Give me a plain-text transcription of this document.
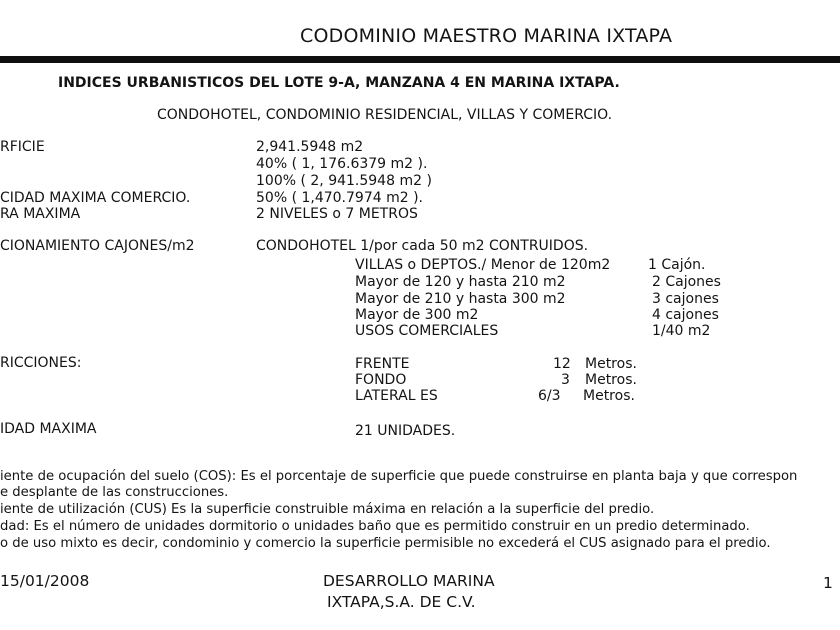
CODOMINIO MAESTRO MARINA IXTAPA
INDICES URBANISTICOS DEL LOTE 9-A, MANZANA 4 EN MARINA IXTAPA.
CONDOHOTEL, CONDOMINIO RESIDENCIAL, VILLAS Y COMERCIO.
RFICIE	2,941.5948 m2
40% ( 1, 176.6379 m2 ).
100% ( 2, 941.5948 m2 )
CIDAD MAXIMA COMERCIO.	50% ( 1,470.7974 m2 ).
RA MAXIMA	2 NIVELES o 7 METROS
CIONAMIENTO CAJONES/m2	CONDOHOTEL 1/por cada 50 m2 CONTRUIDOS.
VILLAS o DEPTOS./ Menor de 120m2	1 Cajón.
Mayor de 120 y hasta 210 m2	2 Cajones
Mayor de 210 y hasta 300 m2	3 cajones
Mayor de 300 m2	4 cajones
USOS COMERCIALES	1/40 m2
RICCIONES:	FRENTE	12 Metros.
FONDO	3 Metros.
LATERAL ES	6/3 Metros.
IDAD MAXIMA	21 UNIDADES.
iente de ocupación del suelo (COS): Es el porcentaje de superficie que puede construirse en planta baja y que correspon
e desplante de las construcciones.
iente de utilización (CUS) Es la superficie construible máxima en relación a la superficie del predio.
dad: Es el número de unidades dormitorio o unidades baño que es permitido construir en un predio determinado.
o de uso mixto es decir, condominio y comercio la superficie permisible no excederá el CUS asignado para el predio.
15/01/2008	DESARROLLO MARINA
IXTAPA,S.A. DE C.V.
1
